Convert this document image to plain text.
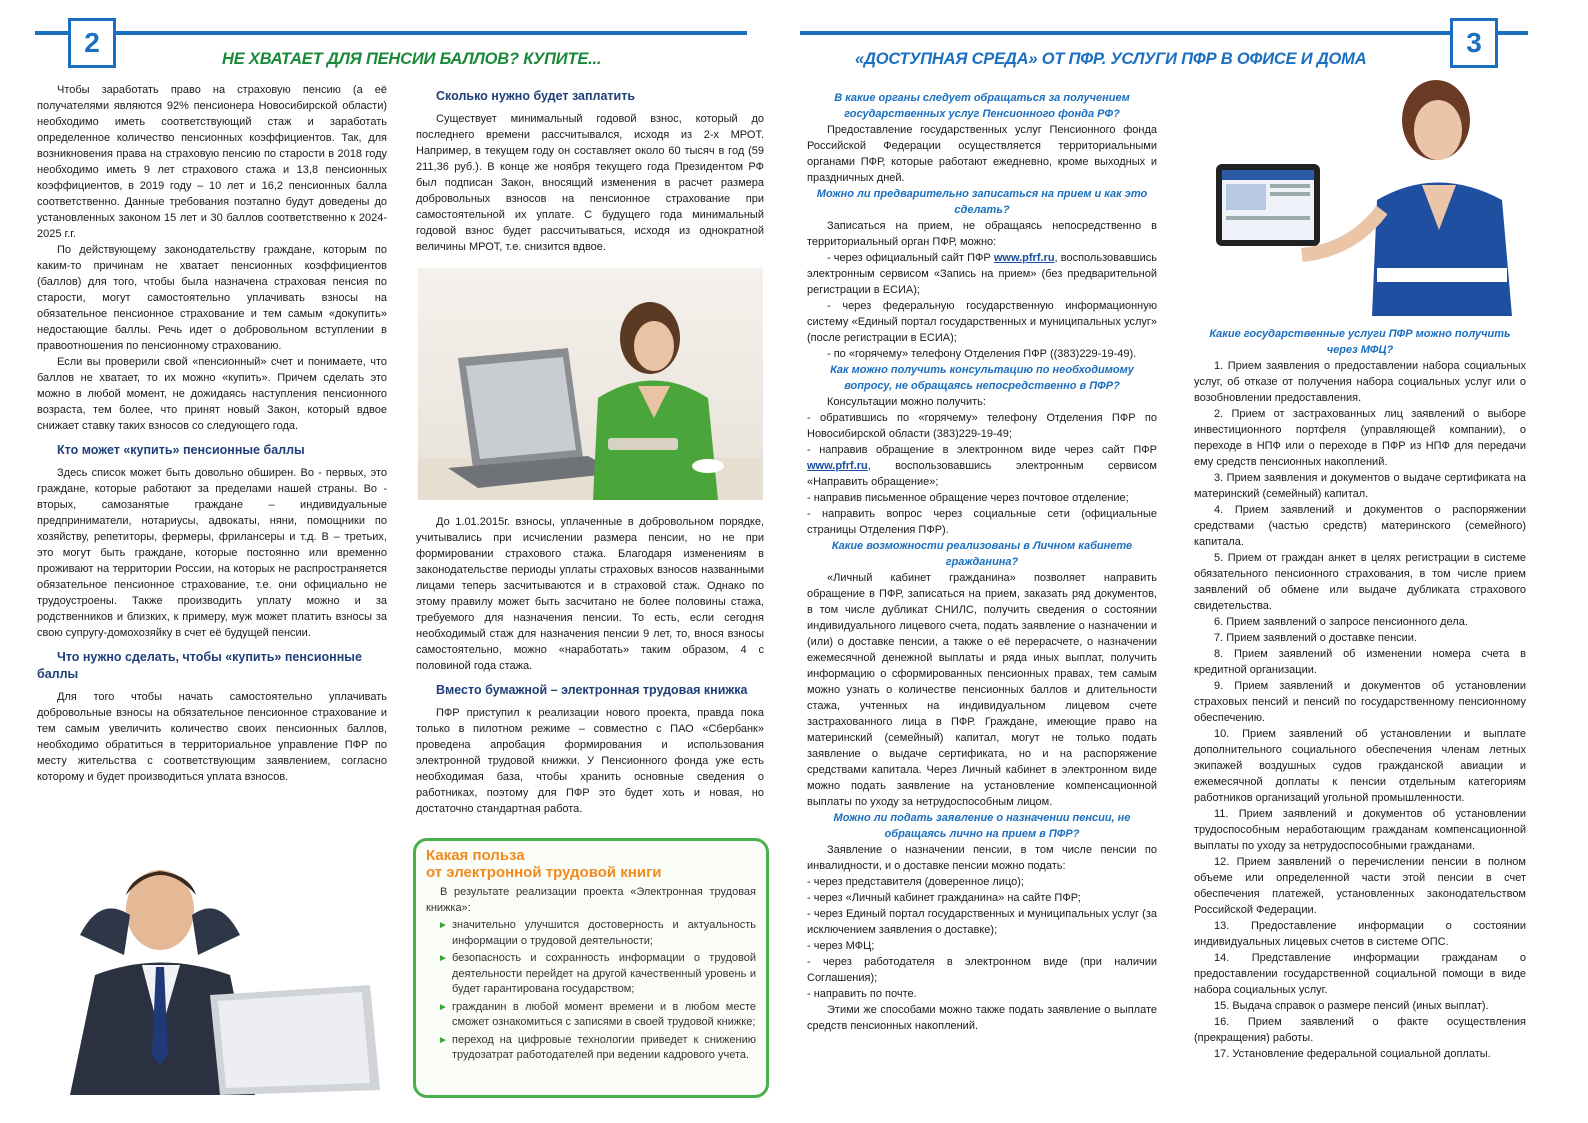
2
НЕ ХВАТАЕТ ДЛЯ ПЕНСИИ БАЛЛОВ? КУПИТЕ...
3
«ДОСТУПНАЯ СРЕДА» ОТ ПФР. УСЛУГИ ПФР В ОФИСЕ И ДОМА

Чтобы заработать право на страховую пенсию (а её получателями являются 92% пенсионера Новосибирской области) необходимо иметь соответствующий стаж и заработать определенное количество пенсионных коэффициентов. Так, для возникновения права на страховую пенсию по старости в 2018 году необходимо иметь 9 лет страхового стажа и 13,8 пенсионных коэффициентов, в 2019 году – 10 лет и 16,2 пенсионных балла соответственно. Данные требования поэтапно будут доведены до установленных законом 15 лет и 30 баллов соответственно к 2024-2025 г.г.

По действующему законодательству граждане, которым по каким-то причинам не хватает пенсионных коэффициентов (баллов) для того, чтобы была назначена страховая пенсия по старости, могут самостоятельно уплачивать взносы на обязательное пенсионное страхование и тем самым «докупить» недостающие баллы. Речь идет о добровольном вступлении в правоотношения по пенсионному страхованию.

Если вы проверили свой «пенсионный» счет и понимаете, что баллов не хватает, то их можно «купить». Причем сделать это можно в любой момент, не дожидаясь наступления пенсионного возраста, тем более, что принят новый Закон, который вдвое снижает ставку таких взносов со следующего года.

Кто может «купить» пенсионные баллы

Здесь список может быть довольно обширен. Во - первых, это граждане, которые работают за пределами нашей страны. Во - вторых, самозанятые граждане – индивидуальные предприниматели, нотариусы, адвокаты, няни, помощники по хозяйству, репетиторы, фермеры, фрилансеры и т.д. В – третьих, это могут быть граждане, которые постоянно или временно проживают на территории России, на которых не распространяется обязательное пенсионное страхование, т.е. они официально не трудоустроены. Также производить уплату можно и за родственников и близких, к примеру, муж может платить взносы за свою супругу-домохозяйку в счет её будущей пенсии.

Что нужно сделать, чтобы «купить» пенсионные баллы

Для того чтобы начать самостоятельно уплачивать добровольные взносы на обязательное пенсионное страхование и тем самым увеличить количество своих пенсионных баллов, необходимо обратиться в территориальное управление ПФР по месту жительства с соответствующим заявлением, согласно которому и будет производиться уплата взносов.

Сколько нужно будет заплатить

Существует минимальный годовой взнос, который до последнего времени рассчитывался, исходя из 2-х МРОТ. Например, в текущем году он составляет около 60 тысяч в год (59 211,36 руб.). В конце же ноября текущего года Президентом РФ был подписан Закон, вносящий изменения в расчет размера добровольных взносов на пенсионное страхование при самостоятельной их уплате. С будущего года минимальный годовой взнос будет рассчитываться, исходя из однократной величины МРОТ, т.е. снизится вдвое.

До 1.01.2015г. взносы, уплаченные в добровольном порядке, учитывались при исчислении размера пенсии, но не при формировании страхового стажа. Благодаря изменениям в законодательстве периоды уплаты страховых взносов названными лицами теперь засчитываются и в страховой стаж. Однако по этому правилу может быть засчитано не более половины стажа, требуемого для назначения пенсии. То есть, если сегодня необходимый стаж для назначения пенсии 9 лет, то, внося взносы самостоятельно, можно «наработать» таким образом, 4 с половиной года стажа.

Вместо бумажной – электронная трудовая книжка

ПФР приступил к реализации нового проекта, правда пока только в пилотном режиме – совместно с ПАО «Сбербанк» проведена апробация формирования и использования электронной трудовой книжки. У Пенсионного фонда уже есть необходимая база, чтобы хранить основные сведения о работниках, поэтому для ПФР это будет хоть и новая, но достаточно стандартная работа.

В какие органы следует обращаться за получением государственных услуг Пенсионного фонда РФ?

Предоставление государственных услуг Пенсионного фонда Российской Федерации осуществляется территориальными органами ПФР, которые работают ежедневно, кроме выходных и праздничных дней.

Можно ли предварительно записаться на прием и как это сделать?

Записаться на прием, не обращаясь непосредственно в территориальный орган ПФР, можно:

- через официальный сайт ПФР www.pfrf.ru, воспользовавшись электронным сервисом «Запись на прием» (без предварительной регистрации в ЕСИА);

- через федеральную государственную информационную систему «Единый портал государственных и муниципальных услуг» (после регистрации в ЕСИА);

- по «горячему» телефону Отделения ПФР ((383)229-19-49).

Как можно получить консультацию по необходимому вопросу, не обращаясь непосредственно в ПФР?

Консультации можно получить:

- обратившись по «горячему» телефону Отделения ПФР по Новосибирской области (383)229-19-49;

- направив обращение в электронном виде через сайт ПФР www.pfrf.ru, воспользовавшись электронным сервисом «Направить обращение»;

- направив письменное обращение через почтовое отделение;

- направить вопрос через социальные сети (официальные страницы Отделения ПФР).

Какие возможности реализованы в Личном кабинете гражданина?

«Личный кабинет гражданина» позволяет направить обращение в ПФР, записаться на прием, заказать ряд документов, в том числе дубликат СНИЛС, получить сведения о состоянии индивидуального лицевого счета, подать заявление о назначении и (или) о доставке пенсии, а также о её перерасчете, о назначении ежемесячной денежной выплаты и ряда иных выплат, получить информацию о сформированных пенсионных правах, тем самым можно узнать о количестве пенсионных баллов и длительности стажа, учтенных на индивидуальном лицевом счете застрахованного лица в ПФР. Граждане, имеющие право на материнский (семейный) капитал, могут не только подать заявление о выдаче сертификата, но и на распоряжение средствами капитала. Через Личный кабинет в электронном виде можно подать заявление на установление компенсационной выплаты по уходу за нетрудоспособным лицом.

Можно ли подать заявление о назначении пенсии, не обращаясь лично на прием в ПФР?

Заявление о назначении пенсии, в том числе пенсии по инвалидности, и о доставке пенсии можно подать:

- через представителя (доверенное лицо);

- через «Личный кабинет гражданина» на сайте ПФР;

- через Единый портал государственных и муниципальных услуг (за исключением заявления о доставке);

- через МФЦ;

- через работодателя в электронном виде (при наличии Соглашения);

- направить по почте.

Этими же способами можно также подать заявление о выплате средств пенсионных накоплений.

Какие государственные услуги ПФР можно получить через МФЦ?
1. Прием заявления о предоставлении набора социальных услуг, об отказе от получения набора социальных услуг или о возобновлении предоставления.
2. Прием от застрахованных лиц заявлений о выборе инвестиционного портфеля (управляющей компании), о переходе в НПФ или о переходе в ПФР из НПФ для передачи ему средств пенсионных накоплений.
3. Прием заявления и документов о выдаче сертификата на материнский (семейный) капитал.
4. Прием заявлений и документов о распоряжении средствами (частью средств) материнского (семейного) капитала.
5. Прием от граждан анкет в целях регистрации в системе обязательного пенсионного страхования, в том числе прием заявлений об обмене или выдаче дубликата страхового свидетельства.
6. Прием заявлений о запросе пенсионного дела.
7. Прием заявлений о доставке пенсии.
8. Прием заявлений об изменении номера счета в кредитной организации.
9. Прием заявлений и документов об установлении страховых пенсий и пенсий по государственному пенсионному обеспечению.
10. Прием заявлений об установлении и выплате дополнительного социального обеспечения членам летных экипажей воздушных судов гражданской авиации и ежемесячной доплаты к пенсии отдельным категориям работников организаций угольной промышленности.
11. Прием заявлений и документов об установлении трудоспособным неработающим гражданам компенсационной выплаты по уходу за нетрудоспособными гражданами.
12. Прием заявлений о перечислении пенсии в полном объеме или определенной части этой пенсии в счет обеспечения платежей, установленных законодательством Российской Федерации.
13. Предоставление информации о состоянии индивидуальных лицевых счетов в системе ОПС.
14. Представление информации гражданам о предоставлении государственной социальной помощи в виде набора социальных услуг.
15. Выдача справок о размере пенсий (иных выплат).
16. Прием заявлений о факте осуществления (прекращения) работы.
17. Установление федеральной социальной доплаты.
Какая польза
от электронной трудовой книги

В результате реализации проекта «Электронная трудовая книжка»:

► значительно улучшится достоверность и актуальность информации о трудовой деятельности;
► безопасность и сохранность информации о трудовой деятельности перейдет на другой качественный уровень и будет гарантирована государством;
► гражданин в любой момент времени и в любом месте сможет ознакомиться с записями в своей трудовой книжке;
► переход на цифровые технологии приведет к снижению трудозатрат работодателей при ведении кадрового учета.
